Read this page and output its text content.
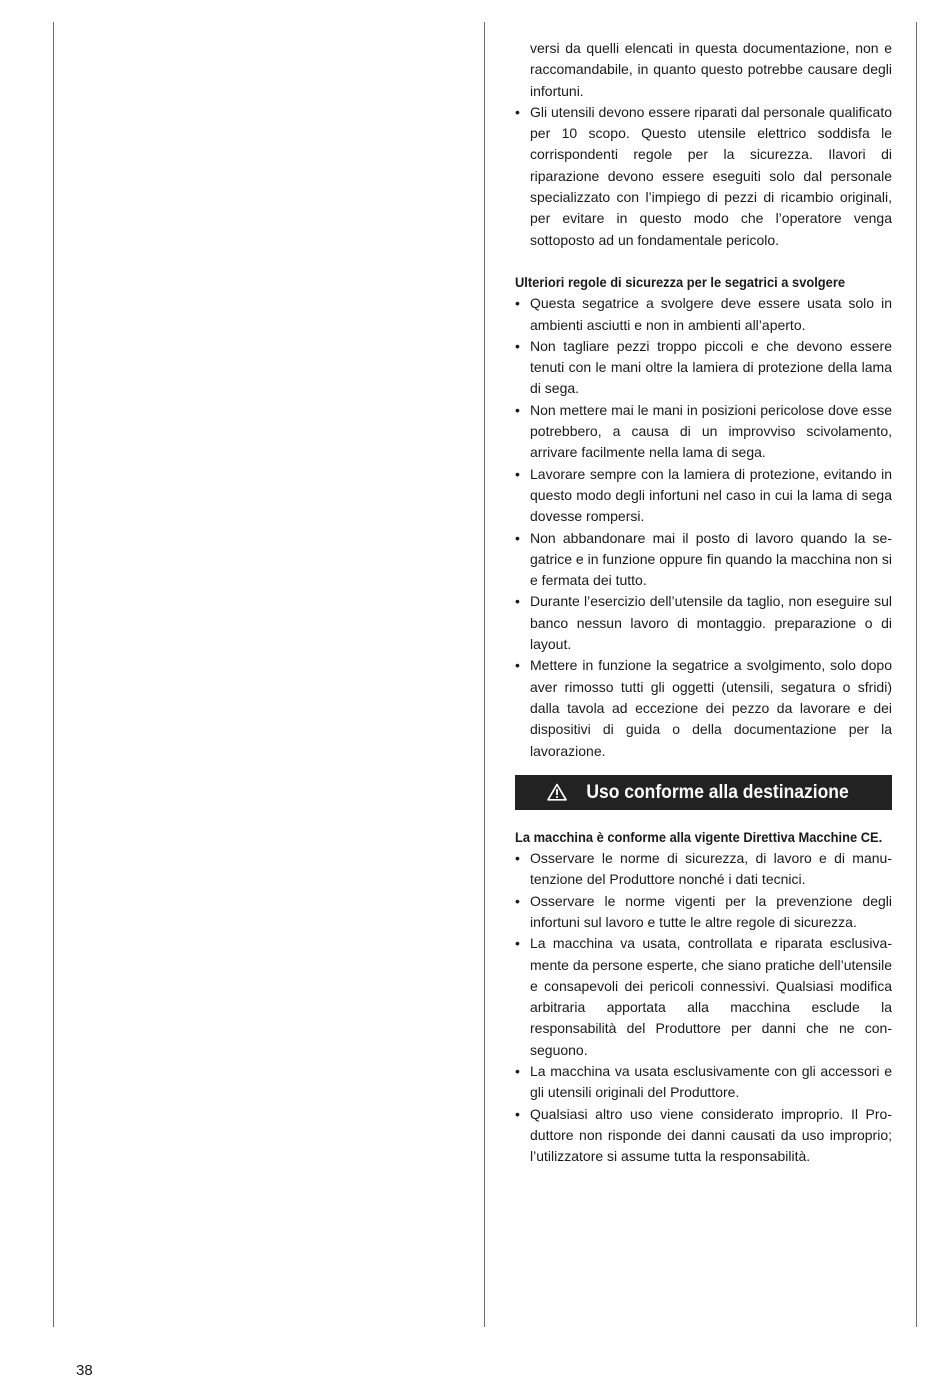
versi da quelli elencati in questa documentazione, non e raccomandabile, in quanto questo potrebbe causare degli infortuni.
• Gli utensili devono essere riparati dal personale qualificato per 10 scopo. Questo utensile elettrico soddisfa le corrispondenti regole per la sicurezza. Ilavori di riparazione devono essere eseguiti solo dal personale specializzato con l’impiego di pezzi di ricambio originali, per evitare in questo modo che l’operatore venga sottoposto ad un fondamentale pericolo.
Ulteriori regole di sicurezza per le segatrici a svolgere
• Questa segatrice a svolgere deve essere usata solo in ambienti asciutti e non in ambienti all’aperto.
• Non tagliare pezzi troppo piccoli e che devono essere tenuti con le mani oltre la lamiera di protezione della lama di sega.
• Non mettere mai le mani in posizioni pericolose dove esse potrebbero, a causa di un improvviso scivolamento, arrivare facilmente nella lama di sega.
• Lavorare sempre con la lamiera di protezione, evitando in questo modo degli infortuni nel caso in cui la lama di sega dovesse rompersi.
• Non abbandonare mai il posto di lavoro quando la segatrice e in funzione oppure fin quando la macchina non si e fermata dei tutto.
• Durante l’esercizio dell’utensile da taglio, non eseguire sul banco nessun lavoro di montaggio. preparazione o di layout.
• Mettere in funzione la segatrice a svolgimento, solo dopo aver rimosso tutti gli oggetti (utensili, segatura o sfridi) dalla tavola ad eccezione dei pezzo da lavorare e dei dispositivi di guida o della documentazione per la lavorazione.
Uso conforme alla destinazione
La macchina è conforme alla vigente Direttiva Macchine CE.
• Osservare le norme di sicurezza, di lavoro e di manutenzione del Produttore nonché i dati tecnici.
• Osservare le norme vigenti per la prevenzione degli infortuni sul lavoro e tutte le altre regole di sicurezza.
• La macchina va usata, controllata e riparata esclusivamente da persone esperte, che siano pratiche dell’utensile e consapevoli dei pericoli connessivi. Qualsiasi modifica arbitraria apportata alla macchina esclude la responsabilità del Produttore per danni che ne conseguono.
• La macchina va usata esclusivamente con gli accessori e gli utensili originali del Produttore.
• Qualsiasi altro uso viene considerato improprio. Il Produttore non risponde dei danni causati da uso improprio; l’utilizzatore si assume tutta la responsabilità.
38
